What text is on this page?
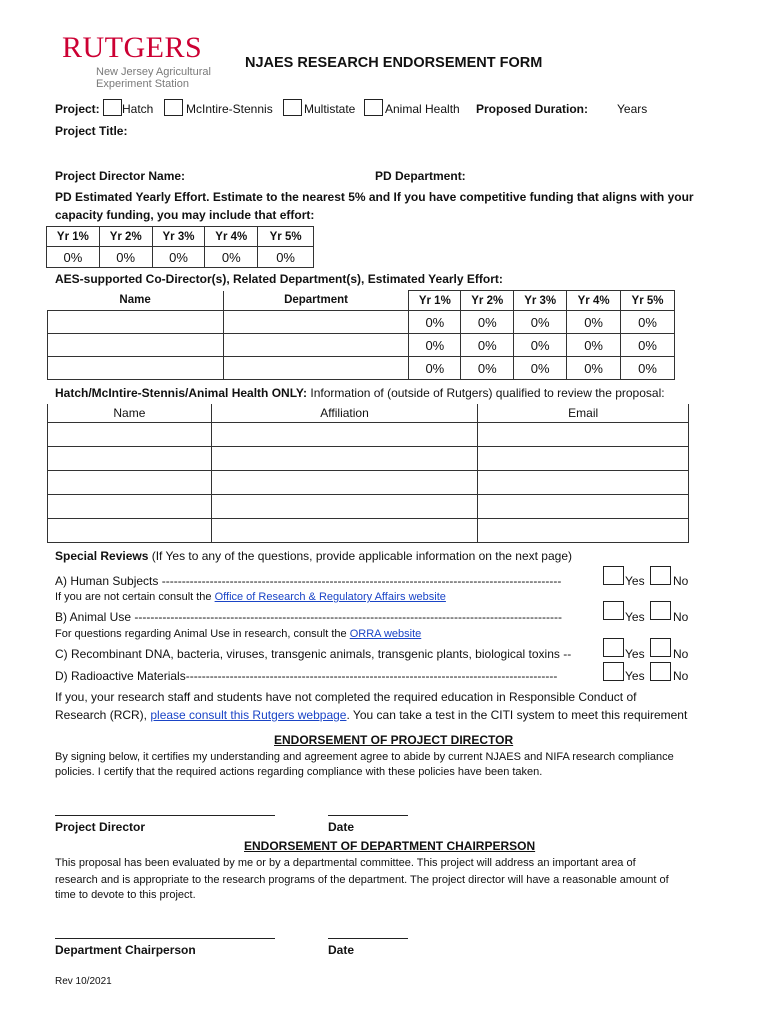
RUTGERS
New Jersey Agricultural
Experiment Station
NJAES RESEARCH ENDORSEMENT FORM
Project: Hatch	McIntire-Stennis	Multistate Animal Health Proposed Duration: Years
Project Title:
Project Director Name:	PD Department:
PD Estimated Yearly Effort. Estimate to the nearest 5% and If you have competitive funding that aligns with your
capacity funding, you may include that effort:
Yr 1%	Yr 2%	Yr 3%	Yr 4%	Yr 5%
0%	0%	0%	0%	0%
AES-supported Co-Director(s), Related Department(s), Estimated Yearly Effort:
Name	Department	Yr 1%	Yr 2%	Yr 3%	Yr 4%	Yr 5%
		0%	0%	0%	0%	0%
		0%	0%	0%	0%	0%
		0%	0%	0%	0%	0%
Hatch/McIntire-Stennis/Animal Health ONLY: Information of (outside of Rutgers) qualified to review the proposal:
Name	Affiliation	Email

Special Reviews (If Yes to any of the questions, provide applicable information on the next page)
A) Human Subjects ----------------------------------------------------------------------------------------------------	Yes No
If you are not certain consult the Office of Research & Regulatory Affairs website
B) Animal Use -----------------------------------------------------------------------------------------------------------	Yes No
For questions regarding Animal Use in research, consult the ORRA website
C) Recombinant DNA, bacteria, viruses, transgenic animals, transgenic plants, biological toxins --	Yes No
D) Radioactive Materials---------------------------------------------------------------------------------------------	Yes No
If you, your research staff and students have not completed the required education in Responsible Conduct of
Research (RCR), please consult this Rutgers webpage. You can take a test in the CITI system to meet this requirement
ENDORSEMENT OF PROJECT DIRECTOR
By signing below, it certifies my understanding and agreement agree to abide by current NJAES and NIFA research compliance
policies. I certify that the required actions regarding compliance with these policies have been taken.
Project Director	Date
ENDORSEMENT OF DEPARTMENT CHAIRPERSON
This proposal has been evaluated by me or by a departmental committee. This project will address an important area of
research and is appropriate to the research programs of the department. The project director will have a reasonable amount of
time to devote to this project.
Department Chairperson	Date
Rev 10/2021
